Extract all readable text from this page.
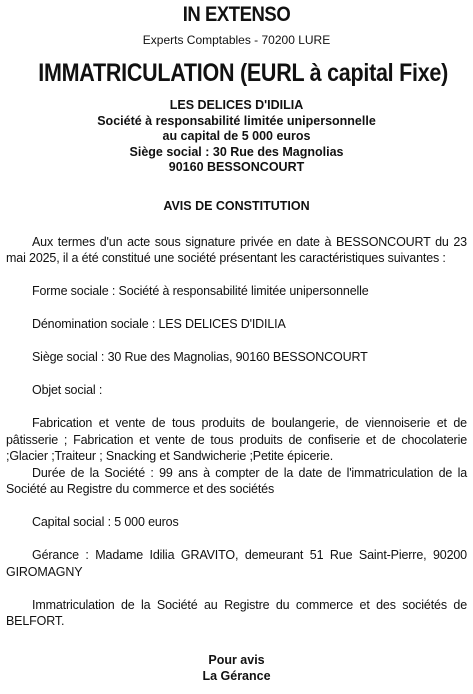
IN EXTENSO
Experts Comptables - 70200 LURE
IMMATRICULATION (EURL à capital Fixe)
LES DELICES D'IDILIA
Société à responsabilité limitée unipersonnelle
au capital de 5 000 euros
Siège social : 30 Rue des Magnolias
90160 BESSONCOURT
AVIS DE CONSTITUTION

Aux termes d'un acte sous signature privée en date à BESSONCOURT du 23 mai 2025, il a été constitué une société présentant les caractéristiques suivantes :

Forme sociale : Société à responsabilité limitée unipersonnelle

Dénomination sociale : LES DELICES D'IDILIA

Siège social : 30 Rue des Magnolias, 90160 BESSONCOURT

Objet social :

Fabrication et vente de tous produits de boulangerie, de viennoiserie et de pâtisserie ; Fabrication et vente de tous produits de confiserie et de chocolaterie ;Glacier ;Traiteur ; Snacking et Sandwicherie ;Petite épicerie.

Durée de la Société : 99 ans à compter de la date de l'immatriculation de la Société au Registre du commerce et des sociétés

Capital social : 5 000 euros

Gérance : Madame Idilia GRAVITO, demeurant 51 Rue Saint-Pierre, 90200 GIROMAGNY

Immatriculation de la Société au Registre du commerce et des sociétés de BELFORT.

Pour avis
La Gérance
